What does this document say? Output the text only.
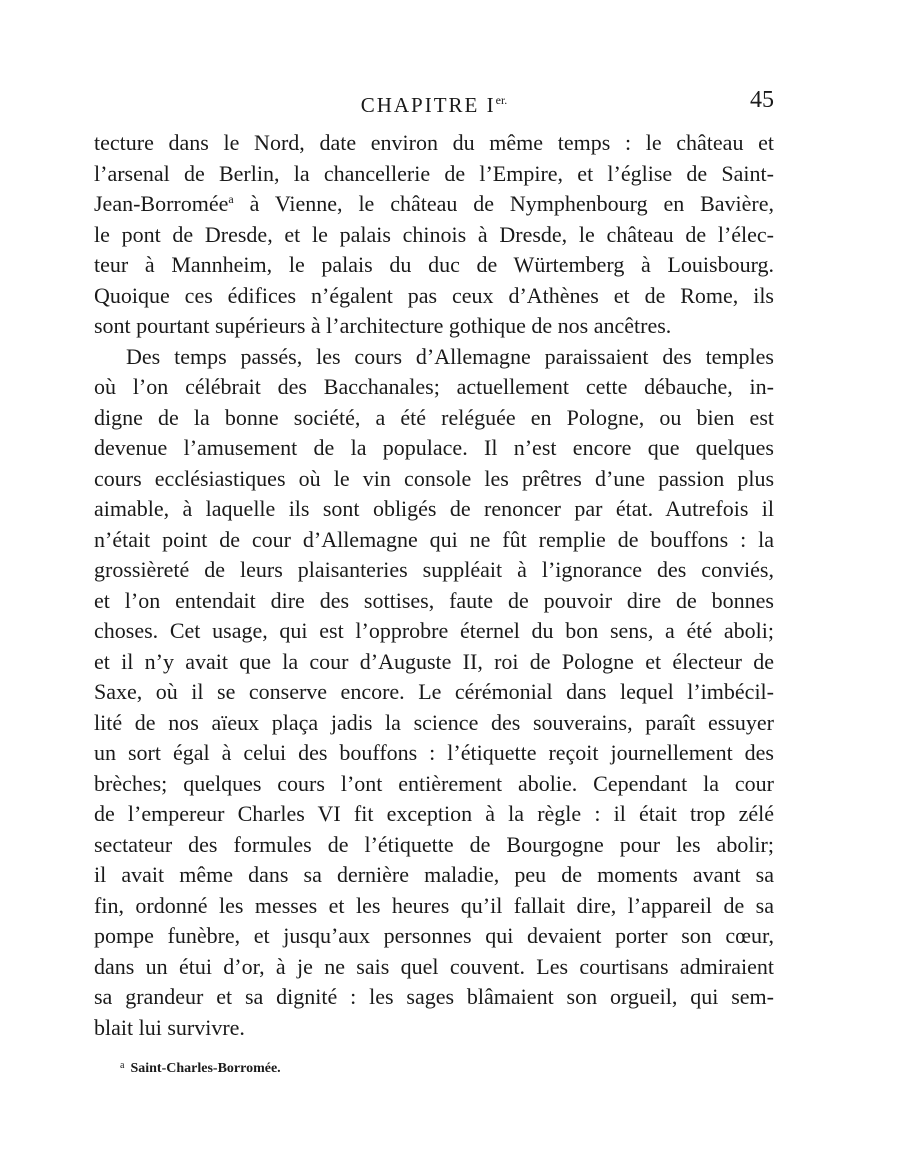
CHAPITRE $I^{er.}$	45

tecture dans le Nord, date environ du même temps : le château et
l’arsenal de Berlin, la chancellerie de l’Empire, et l’église de Saint-
Jean-Borromée$^a$ à Vienne, le château de Nymphenbourg en Bavière,
le pont de Dresde, et le palais chinois à Dresde, le château de l’élec-
teur à Mannheim, le palais du duc de Würtemberg à Louisbourg.
Quoique ces édifices n’égalent pas ceux d’Athènes et de Rome, ils
sont pourtant supérieurs à l’architecture gothique de nos ancêtres.

Des temps passés, les cours d’Allemagne paraissaient des temples
où l’on célébrait des Bacchanales; actuellement cette débauche, in-
digne de la bonne société, a été reléguée en Pologne, ou bien est
devenue l’amusement de la populace. Il n’est encore que quelques
cours ecclésiastiques où le vin console les prêtres d’une passion plus
aimable, à laquelle ils sont obligés de renoncer par état. Autrefois il
n’était point de cour d’Allemagne qui ne fût remplie de bouffons : la
grossièreté de leurs plaisanteries suppléait à l’ignorance des conviés,
et l’on entendait dire des sottises, faute de pouvoir dire de bonnes
choses. Cet usage, qui est l’opprobre éternel du bon sens, a été aboli;
et il n’y avait que la cour d’Auguste II, roi de Pologne et électeur de
Saxe, où il se conserve encore. Le cérémonial dans lequel l’imbécil-
lité de nos aïeux plaça jadis la science des souverains, paraît essuyer
un sort égal à celui des bouffons : l’étiquette reçoit journellement des
brèches; quelques cours l’ont entièrement abolie. Cependant la cour
de l’empereur Charles VI fit exception à la règle : il était trop zélé
sectateur des formules de l’étiquette de Bourgogne pour les abolir;
il avait même dans sa dernière maladie, peu de moments avant sa
fin, ordonné les messes et les heures qu’il fallait dire, l’appareil de sa
pompe funèbre, et jusqu’aux personnes qui devaient porter son cœur,
dans un étui d’or, à je ne sais quel couvent. Les courtisans admiraient
sa grandeur et sa dignité : les sages blâmaient son orgueil, qui sem-
blait lui survivre.

$^a$ Saint-Charles-Borromée.
